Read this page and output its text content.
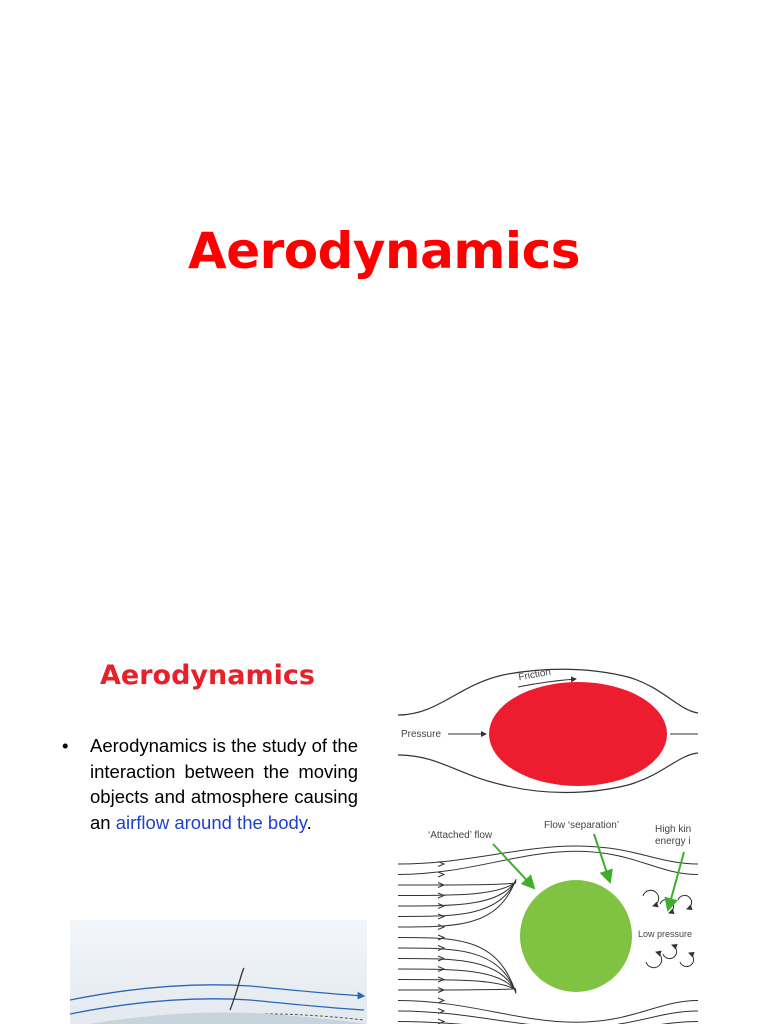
Aerodynamics
Aerodynamics
•	Aerodynamics is the study of the interaction between the moving objects and atmosphere causing an airflow around the body.
Friction
Pressure
‘Attached’ flow
Flow ‘separation’	High kin
energy i
Low pressure
